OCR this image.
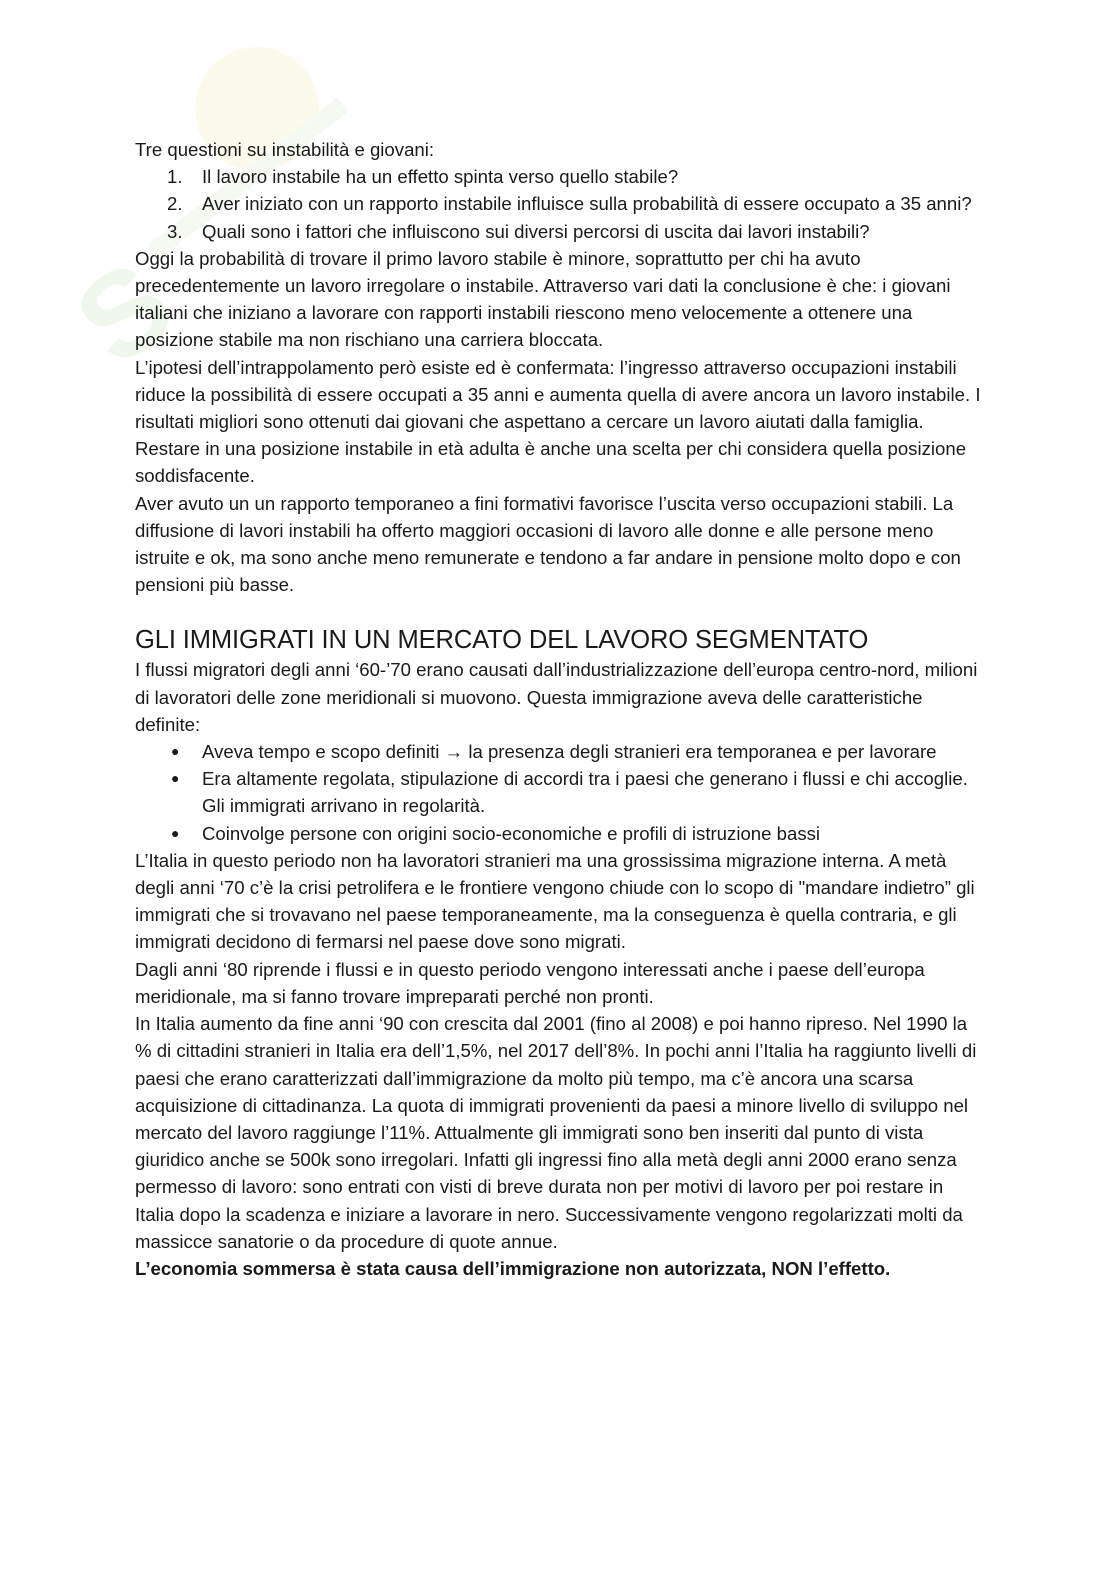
S

Tre questioni su instabilità e giovani:

1. Il lavoro instabile ha un effetto spinta verso quello stabile?
2. Aver iniziato con un rapporto instabile influisce sulla probabilità di essere occupato a 35 anni?
3. Quali sono i fattori che influiscono sui diversi percorsi di uscita dai lavori instabili?

Oggi la probabilità di trovare il primo lavoro stabile è minore, soprattutto per chi ha avuto precedentemente un lavoro irregolare o instabile. Attraverso vari dati la conclusione è che: i giovani italiani che iniziano a lavorare con rapporti instabili riescono meno velocemente a ottenere una posizione stabile ma non rischiano una carriera bloccata.

L’ipotesi dell’intrappolamento però esiste ed è confermata: l’ingresso attraverso occupazioni instabili riduce la possibilità di essere occupati a 35 anni e aumenta quella di avere ancora un lavoro instabile. I risultati migliori sono ottenuti dai giovani che aspettano a cercare un lavoro aiutati dalla famiglia. Restare in una posizione instabile in età adulta è anche una scelta per chi considera quella posizione soddisfacente.

Aver avuto un un rapporto temporaneo a fini formativi favorisce l’uscita verso occupazioni stabili. La diffusione di lavori instabili ha offerto maggiori occasioni di lavoro alle donne e alle persone meno istruite e ok, ma sono anche meno remunerate e tendono a far andare in pensione molto dopo e con pensioni più basse.

GLI IMMIGRATI IN UN MERCATO DEL LAVORO SEGMENTATO

I flussi migratori degli anni ‘60-’70 erano causati dall’industrializzazione dell’europa centro-nord, milioni di lavoratori delle zone meridionali si muovono. Questa immigrazione aveva delle caratteristiche definite:

● Aveva tempo e scopo definiti → la presenza degli stranieri era temporanea e per lavorare
● Era altamente regolata, stipulazione di accordi tra i paesi che generano i flussi e chi accoglie. Gli immigrati arrivano in regolarità.
● Coinvolge persone con origini socio-economiche e profili di istruzione bassi

L’Italia in questo periodo non ha lavoratori stranieri ma una grossissima migrazione interna. A metà degli anni ‘70 c’è la crisi petrolifera e le frontiere vengono chiude con lo scopo di "mandare indietro” gli immigrati che si trovavano nel paese temporaneamente, ma la conseguenza è quella contraria, e gli immigrati decidono di fermarsi nel paese dove sono migrati.

Dagli anni ‘80 riprende i flussi e in questo periodo vengono interessati anche i paese dell’europa meridionale, ma si fanno trovare impreparati perché non pronti.

In Italia aumento da fine anni ‘90 con crescita dal 2001 (fino al 2008) e poi hanno ripreso. Nel 1990 la % di cittadini stranieri in Italia era dell’1,5%, nel 2017 dell’8%. In pochi anni l’Italia ha raggiunto livelli di paesi che erano caratterizzati dall’immigrazione da molto più tempo, ma c’è ancora una scarsa acquisizione di cittadinanza. La quota di immigrati provenienti da paesi a minore livello di sviluppo nel mercato del lavoro raggiunge l’11%. Attualmente gli immigrati sono ben inseriti dal punto di vista giuridico anche se 500k sono irregolari. Infatti gli ingressi fino alla metà degli anni 2000 erano senza permesso di lavoro: sono entrati con visti di breve durata non per motivi di lavoro per poi restare in Italia dopo la scadenza e iniziare a lavorare in nero. Successivamente vengono regolarizzati molti da massicce sanatorie o da procedure di quote annue.

L’economia sommersa è stata causa dell’immigrazione non autorizzata, NON l’effetto.
